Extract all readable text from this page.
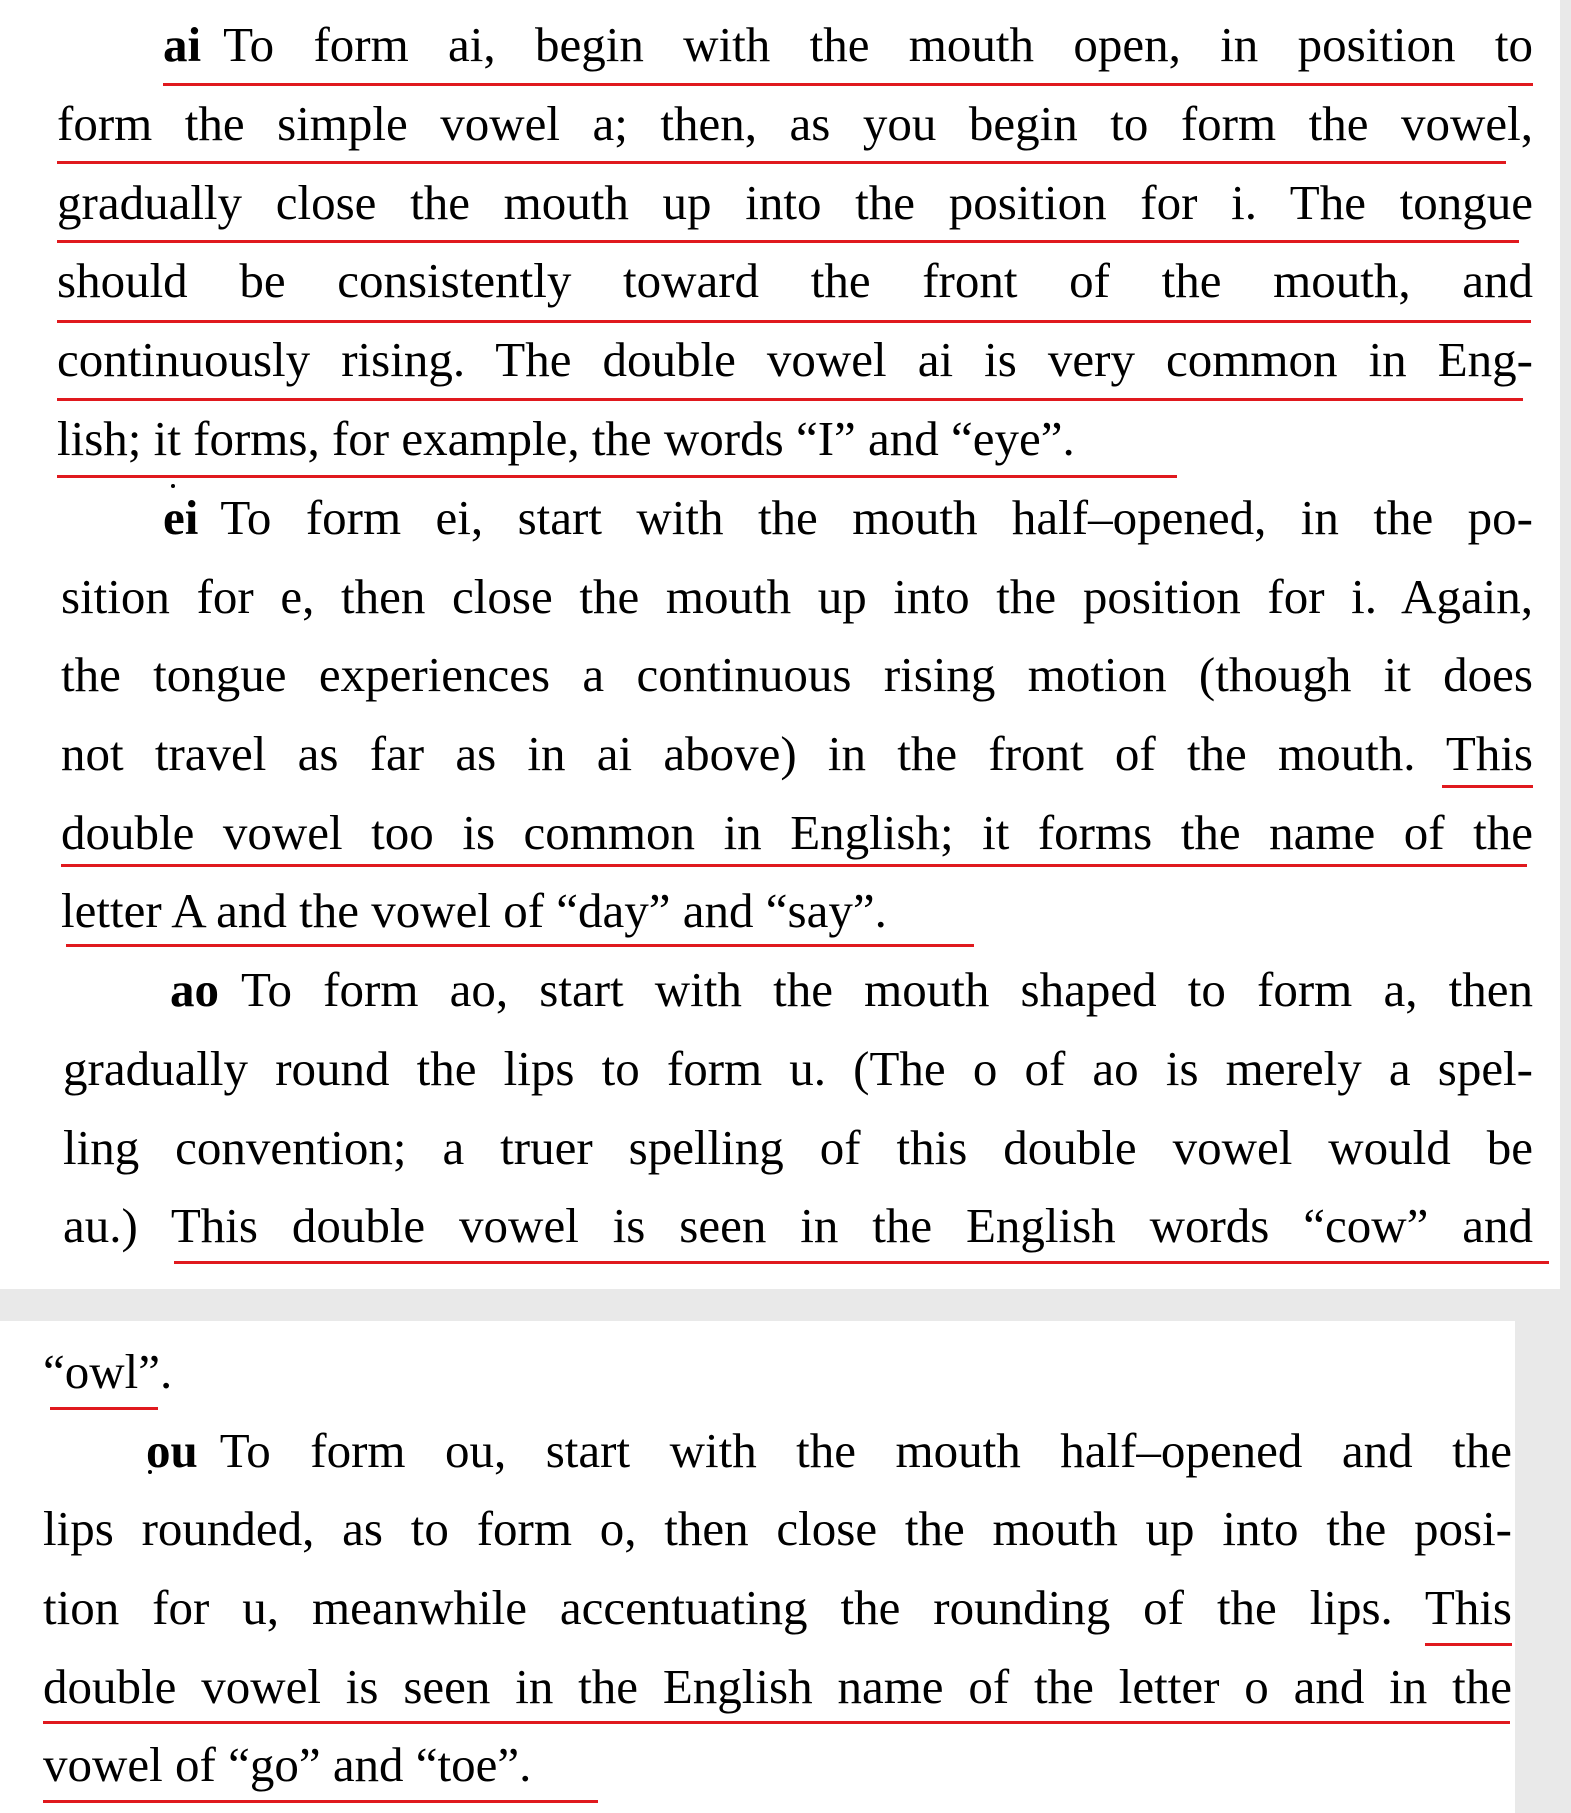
ai To form ai, begin with the mouth open, in position to
form the simple vowel a; then, as you begin to form the vowel,
gradually close the mouth up into the position for i. The tongue
should be consistently toward the front of the mouth, and
continuously rising. The double vowel ai is very common in Eng-
lish; it forms, for example, the words “I” and “eye”.
ei To form ei, start with the mouth half–opened, in the po-
sition for e, then close the mouth up into the position for i. Again,
the tongue experiences a continuous rising motion (though it does
not travel as far as in ai above) in the front of the mouth. This
double vowel too is common in English; it forms the name of the
letter A and the vowel of “day” and “say”.
ao To form ao, start with the mouth shaped to form a, then
gradually round the lips to form u. (The o of ao is merely a spel-
ling convention; a truer spelling of this double vowel would be
au.) This double vowel is seen in the English words “cow” and
“owl”.
ou To form ou, start with the mouth half–opened and the
lips rounded, as to form o, then close the mouth up into the posi-
tion for u, meanwhile accentuating the rounding of the lips. This
double vowel is seen in the English name of the letter o and in the
vowel of “go” and “toe”.
